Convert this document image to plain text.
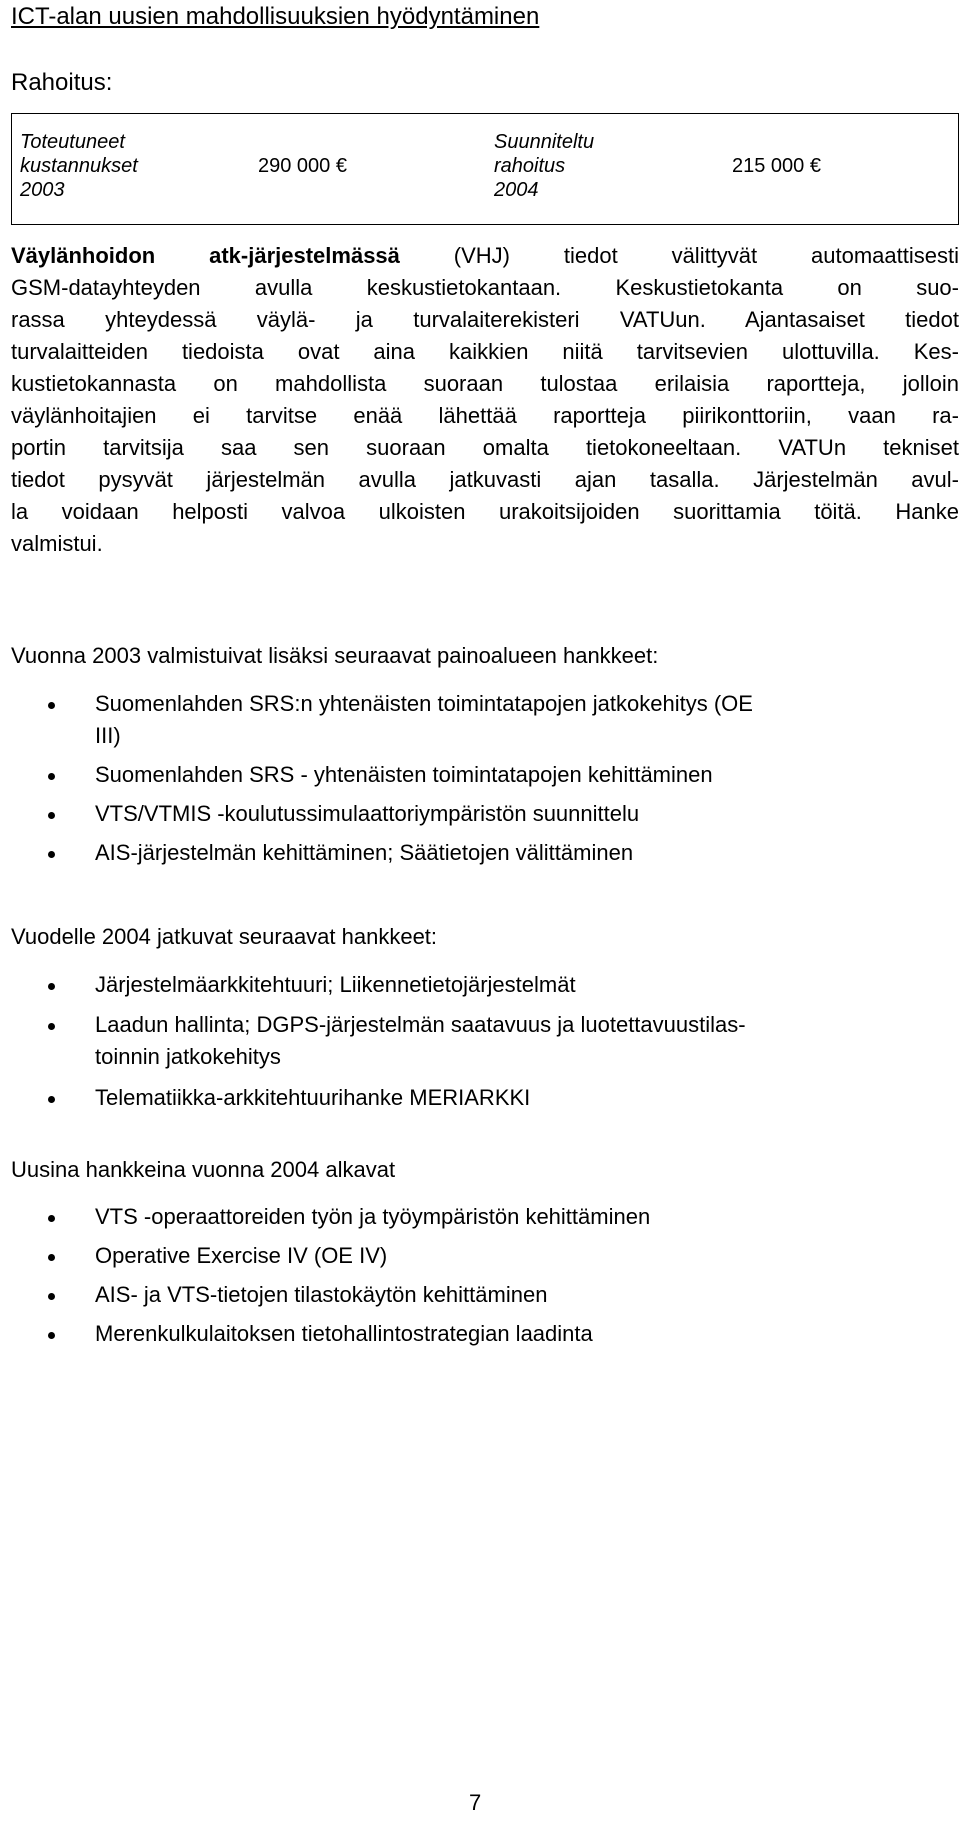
ICT-alan uusien mahdollisuuksien hyödyntäminen
Rahoitus:
Toteutuneet
kustannukset
2003
290 000 €
Suunniteltu
rahoitus
2004
215 000 €
Väylänhoidon atk-järjestelmässä (VHJ) tiedot välittyvät automaattisesti
GSM-datayhteyden avulla keskustietokantaan. Keskustietokanta on suo-
rassa yhteydessä väylä- ja turvalaiterekisteri VATUun. Ajantasaiset tiedot
turvalaitteiden tiedoista ovat aina kaikkien niitä tarvitsevien ulottuvilla. Kes-
kustietokannasta on mahdollista suoraan tulostaa erilaisia raportteja, jolloin
väylänhoitajien ei tarvitse enää lähettää raportteja piirikonttoriin, vaan ra-
portin tarvitsija saa sen suoraan omalta tietokoneeltaan. VATUn tekniset
tiedot pysyvät järjestelmän avulla jatkuvasti ajan tasalla. Järjestelmän avul-
la voidaan helposti valvoa ulkoisten urakoitsijoiden suorittamia töitä. Hanke
valmistui.
Vuonna 2003 valmistuivat lisäksi seuraavat painoalueen hankkeet:
Suomenlahden SRS:n yhtenäisten toimintatapojen jatkokehitys (OE
III)
Suomenlahden SRS - yhtenäisten toimintatapojen kehittäminen
VTS/VTMIS -koulutussimulaattoriympäristön suunnittelu
AIS-järjestelmän kehittäminen; Säätietojen välittäminen
Vuodelle 2004 jatkuvat seuraavat hankkeet:
Järjestelmäarkkitehtuuri; Liikennetietojärjestelmät
Laadun hallinta; DGPS-järjestelmän saatavuus ja luotettavuustilas-
toinnin jatkokehitys
Telematiikka-arkkitehtuurihanke MERIARKKI
Uusina hankkeina vuonna 2004 alkavat
VTS -operaattoreiden työn ja työympäristön kehittäminen
Operative Exercise IV (OE IV)
AIS- ja VTS-tietojen tilastokäytön kehittäminen
Merenkulkulaitoksen tietohallintostrategian laadinta
7
